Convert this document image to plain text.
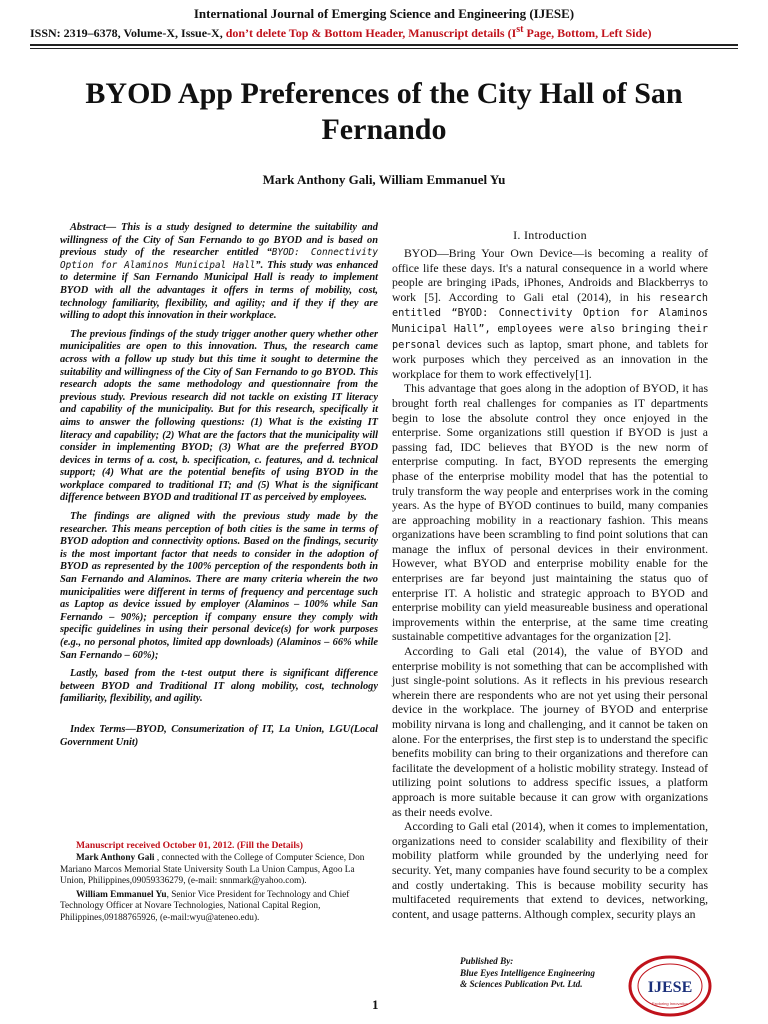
International Journal of Emerging Science and Engineering (IJESE)
ISSN: 2319–6378, Volume-X, Issue-X, don’t delete Top & Bottom Header, Manuscript details (Ist Page, Bottom, Left Side)
BYOD App Preferences of the City Hall of San Fernando
Mark Anthony Gali, William Emmanuel Yu

Abstract— This is a study designed to determine the suitability and willingness of the City of San Fernando to go BYOD and is based on previous study of the researcher entitled “BYOD: Connectivity Option for Alaminos Municipal Hall”. This study was enhanced to determine if San Fernando Municipal Hall is ready to implement BYOD with all the advantages it offers in terms of mobility, cost, technology familiarity, flexibility, and agility; and if they if they are willing to adopt this innovation in their workplace.

The previous findings of the study trigger another query whether other municipalities are open to this innovation. Thus, the research came across with a follow up study but this time it sought to determine the suitability and willingness of the City of San Fernando to go BYOD. This research adopts the same methodology and questionnaire from the previous study. Previous research did not tackle on existing IT literacy and capability of the municipality. But for this research, specifically it aims to answer the following questions: (1) What is the existing IT literacy and capability; (2) What are the factors that the municipality will consider in implementing BYOD; (3) What are the preferred BYOD devices in terms of a. cost, b. specification, c. features, and d. technical support; (4) What are the potential benefits of using BYOD in the workplace compared to traditional IT; and (5) What is the significant difference between BYOD and traditional IT as perceived by employees.

The findings are aligned with the previous study made by the researcher. This means perception of both cities is the same in terms of BYOD adoption and connectivity options. Based on the findings, security is the most important factor that needs to consider in the adoption of BYOD as represented by the 100% perception of the respondents both in San Fernando and Alaminos. There are many criteria wherein the two municipalities were different in terms of frequency and percentage such as Laptop as device issued by employer (Alaminos – 100% while San Fernando – 90%); perception if company ensure they comply with specific guidelines in using their personal device(s) for work purposes (e.g., no personal photos, limited app downloads) (Alaminos – 66% while San Fernando – 60%);

Lastly, based from the t-test output there is significant difference between BYOD and Traditional IT along mobility, cost, technology familiarity, flexibility, and agility.

Index Terms—BYOD, Consumerization of IT, La Union, LGU(Local Government Unit)
Manuscript received October 01, 2012. (Fill the Details)

Mark Anthony Gali , connected with the College of Computer Science, Don Mariano Marcos Memorial State University South La Union Campus, Agoo La Union, Philippines,09059336279, (e-mail: snnmark@yahoo.com).

William Emmanuel Yu, Senior Vice President for Technology and Chief Technology Officer at Novare Technologies, National Capital Region, Philippines,09188765926, (e-mail:wyu@ateneo.edu).

I. Introduction

BYOD—Bring Your Own Device—is becoming a reality of office life these days. It's a natural consequence in a world where people are bringing iPads, iPhones, Androids and Blackberrys to work [5]. According to Gali etal (2014), in his research entitled “BYOD: Connectivity Option for Alaminos Municipal Hall”, employees were also bringing their personal devices such as laptop, smart phone, and tablets for work purposes which they perceived as an innovation in the workplace for them to work effectively[1].

This advantage that goes along in the adoption of BYOD, it has brought forth real challenges for companies as IT departments begin to lose the absolute control they once enjoyed in the enterprise. Some organizations still question if BYOD is just a passing fad, IDC believes that BYOD is the new norm of enterprise computing. In fact, BYOD represents the emerging phase of the enterprise mobility model that has the potential to truly transform the way people and enterprises work in the coming years. As the hype of BYOD continues to build, many companies are approaching mobility in a reactionary fashion. This means organizations have been scrambling to find point solutions that can manage the influx of personal devices in their environment. However, what BYOD and enterprise mobility enable for the enterprises are far beyond just maintaining the status quo of enterprise IT. A holistic and strategic approach to BYOD and enterprise mobility can yield measureable business and operational improvements within the enterprise, at the same time creating sustainable competitive advantages for the organization [2].

According to Gali etal (2014), the value of BYOD and enterprise mobility is not something that can be accomplished with just single-point solutions. As it reflects in his previous research wherein there are respondents who are not yet using their personal device in the workplace. The journey of BYOD and enterprise mobility nirvana is long and challenging, and it cannot be taken on alone. For the enterprises, the first step is to understand the specific benefits mobility can bring to their organizations and therefore can facilitate the development of a holistic mobility strategy. Instead of utilizing point solutions to address specific issues, a platform approach is more suitable because it can grow with organizations as their needs evolve.

According to Gali etal (2014), when it comes to implementation, organizations need to consider scalability and flexibility of their mobility platform while grounded by the underlying need for security. Yet, many companies have found security to be a complex and costly undertaking. This is because mobility security has multifaceted requirements that extend to devices, networking, content, and usage patterns. Although complex, security plays an

1
Published By:
Blue Eyes Intelligence Engineering
& Sciences Publication Pvt. Ltd.	IJESE
Exploring Innovation
